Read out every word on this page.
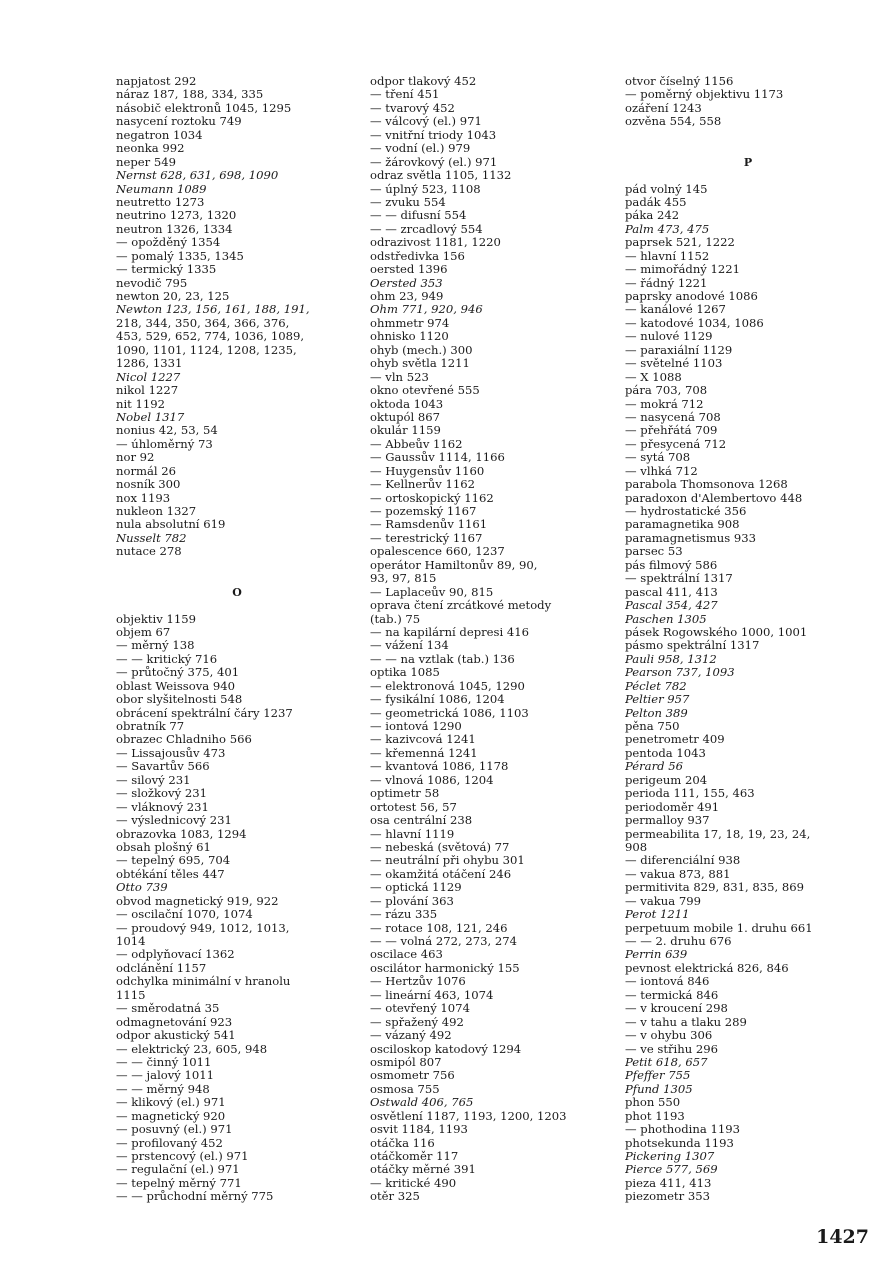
napjatost 292
náraz 187, 188, 334, 335
násobič elektronů 1045, 1295
nasycení roztoku 749
negatron 1034
neonka 992
neper 549
Nernst 628, 631, 698, 1090
Neumann 1089
neutretto 1273
neutrino 1273, 1320
neutron 1326, 1334
— opožděný 1354
— pomalý 1335, 1345
— termický 1335
nevodič 795
newton 20, 23, 125
Newton 123, 156, 161, 188, 191,
218, 344, 350, 364, 366, 376,
453, 529, 652, 774, 1036, 1089,
1090, 1101, 1124, 1208, 1235,
1286, 1331
Nicol 1227
nikol 1227
nit 1192
Nobel 1317
nonius 42, 53, 54
— úhloměrný 73
nor 92
normál 26
nosník 300
nox 1193
nukleon 1327
nula absolutní 619
Nusselt 782
nutace 278
O
objektiv 1159
objem 67
— měrný 138
— — kritický 716
— průtočný 375, 401
oblast Weissova 940
obor slyšitelnosti 548
obrácení spektrální čáry 1237
obratník 77
obrazec Chladniho 566
— Lissajousův 473
— Savartův 566
— silový 231
— složkový 231
— vláknový 231
— výslednicový 231
obrazovka 1083, 1294
obsah plošný 61
— tepelný 695, 704
obtékání těles 447
Otto 739
obvod magnetický 919, 922
— oscilační 1070, 1074
— proudový 949, 1012, 1013,
1014
— odplyňovací 1362
odclánění 1157
odchylka minimální v hranolu
1115
— směrodatná 35
odmagnetování 923
odpor akustický 541
— elektrický 23, 605, 948
— — činný 1011
— — jalový 1011
— — měrný 948
— klikový (el.) 971
— magnetický 920
— posuvný (el.) 971
— profilovaný 452
— prstencový (el.) 971
— regulační (el.) 971
— tepelný měrný 771
— — průchodní měrný 775
odpor tlakový 452
— tření 451
— tvarový 452
— válcový (el.) 971
— vnitřní triody 1043
— vodní (el.) 979
— žárovkový (el.) 971
odraz světla 1105, 1132
— úplný 523, 1108
— zvuku 554
— — difusní 554
— — zrcadlový 554
odrazivost 1181, 1220
odstředivka 156
oersted 1396
Oersted 353
ohm 23, 949
Ohm 771, 920, 946
ohmmetr 974
ohnisko 1120
ohyb (mech.) 300
ohyb světla 1211
— vln 523
okno otevřené 555
oktoda 1043
oktupól 867
okulár 1159
— Abbeův 1162
— Gaussův 1114, 1166
— Huygensův 1160
— Kellnerův 1162
— ortoskopický 1162
— pozemský 1167
— Ramsdenův 1161
— terestrický 1167
opalescence 660, 1237
operátor Hamiltonův 89, 90,
93, 97, 815
— Laplaceův 90, 815
oprava čtení zrcátkové metody
(tab.) 75
— na kapilární depresi 416
— vážení 134
— — na vztlak (tab.) 136
optika 1085
— elektronová 1045, 1290
— fysikální 1086, 1204
— geometrická 1086, 1103
— iontová 1290
— kazivcová 1241
— křemenná 1241
— kvantová 1086, 1178
— vlnová 1086, 1204
optimetr 58
ortotest 56, 57
osa centrální 238
— hlavní 1119
— nebeská (světová) 77
— neutrální při ohybu 301
— okamžitá otáčení 246
— optická 1129
— plování 363
— rázu 335
— rotace 108, 121, 246
— — volná 272, 273, 274
oscilace 463
oscilátor harmonický 155
— Hertzův 1076
— lineární 463, 1074
— otevřený 1074
— spřažený 492
— vázaný 492
osciloskop katodový 1294
osmipól 807
osmometr 756
osmosa 755
Ostwald 406, 765
osvětlení 1187, 1193, 1200, 1203
osvit 1184, 1193
otáčka 116
otáčkoměr 117
otáčky měrné 391
— kritické 490
otěr 325
otvor číselný 1156
— poměrný objektivu 1173
ozáření 1243
ozvěna 554, 558
P
pád volný 145
padák 455
páka 242
Palm 473, 475
paprsek 521, 1222
— hlavní 1152
— mimořádný 1221
— řádný 1221
paprsky anodové 1086
— kanálové 1267
— katodové 1034, 1086
— nulové 1129
— paraxiální 1129
— světelné 1103
— X 1088
pára 703, 708
— mokrá 712
— nasycená 708
— přehřátá 709
— přesycená 712
— sytá 708
— vlhká 712
parabola Thomsonova 1268
paradoxon d'Alembertovo 448
— hydrostatické 356
paramagnetika 908
paramagnetismus 933
parsec 53
pás filmový 586
— spektrální 1317
pascal 411, 413
Pascal 354, 427
Paschen 1305
pásek Rogowského 1000, 1001
pásmo spektrální 1317
Pauli 958, 1312
Pearson 737, 1093
Péclet 782
Peltier 957
Pelton 389
pěna 750
penetrometr 409
pentoda 1043
Pérard 56
perigeum 204
perioda 111, 155, 463
periodoměr 491
permalloy 937
permeabilita 17, 18, 19, 23, 24,
908
— diferenciální 938
— vakua 873, 881
permitivita 829, 831, 835, 869
— vakua 799
Perot 1211
perpetuum mobile 1. druhu 661
— — 2. druhu 676
Perrin 639
pevnost elektrická 826, 846
— iontová 846
— termická 846
— v kroucení 298
— v tahu a tlaku 289
— v ohybu 306
— ve střihu 296
Petit 618, 657
Pfeffer 755
Pfund 1305
phon 550
phot 1193
— phothodina 1193
photsekunda 1193
Pickering 1307
Pierce 577, 569
pieza 411, 413
piezometr 353
1427
